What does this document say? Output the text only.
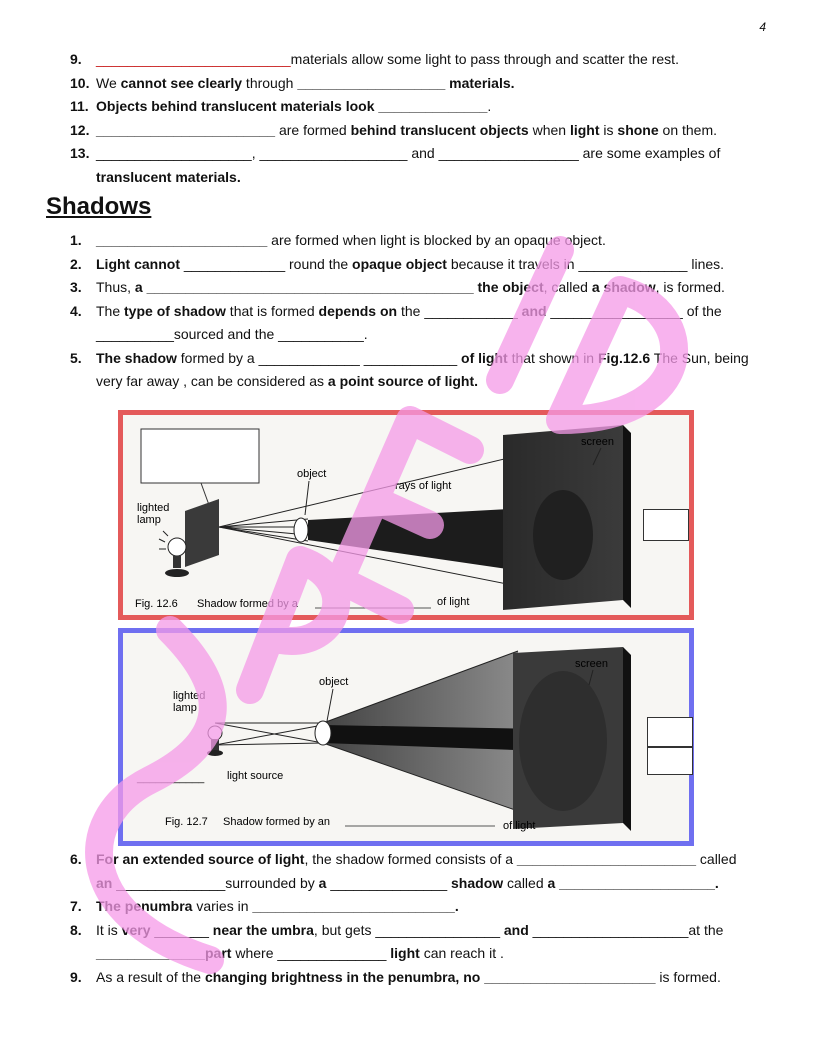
4
9. _________________________materials allow some light to pass through and scatter the rest.
10. We cannot see clearly through ___________________ materials.
11. Objects behind translucent materials look ______________.
12. _______________________ are formed behind translucent objects when light is shone on them.
13. ____________________, ___________________ and __________________ are some examples of translucent materials.
Shadows
1. ______________________ are formed when light is blocked by an opaque object.
2. Light cannot _____________ round the opaque object because it travels in ______________ lines.
3. Thus, a __________________________________________ the object, called a shadow, is formed.
4. The type of shadow that is formed depends on the ____________ and _________________ of the __________sourced and the ___________.
5. The shadow formed by a _____________ ____________ of light that shown in Fig.12.6 The Sun, being very far away , can be considered as a point source of light.
screen
object
rays of light
lighted
lamp
Fig. 12.6 Shadow formed by a	of light
screen
object
lighted
lamp
___________ light source
Fig. 12.7 Shadow formed by an	of light
6. For an extended source of light, the shadow formed consists of a _______________________ called an ______________surrounded by a _______________ shadow called a ____________________.
7. The penumbra varies in __________________________.
8. It is very _______ near the umbra, but gets ________________ and ____________________at the ______________part where ______________ light can reach it .
9. As a result of the changing brightness in the penumbra, no ______________________ is formed.
